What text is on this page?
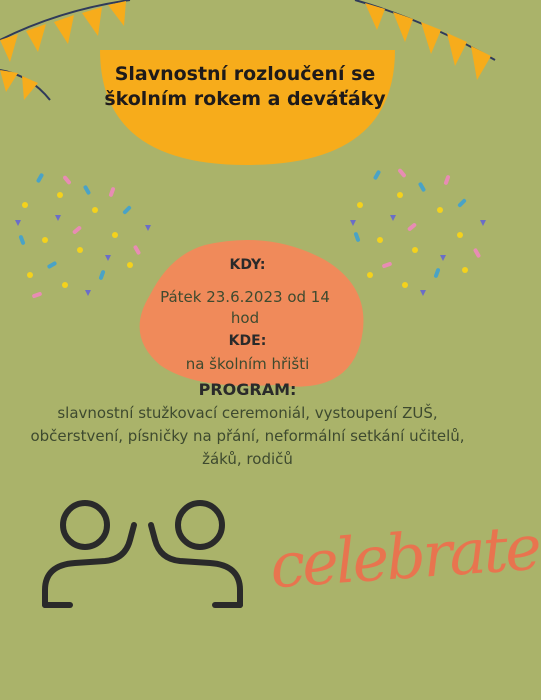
Slavnostní rozloučení se školním rokem a deváťáky
KDY:
Pátek 23.6.2023 od 14 hod
KDE:
na školním hřišti
PROGRAM:
slavnostní stužkovací ceremoniál, vystoupení ZUŠ, občerstvení, písničky na přání, neformální setkání učitelů, žáků, rodičů
celebrate
